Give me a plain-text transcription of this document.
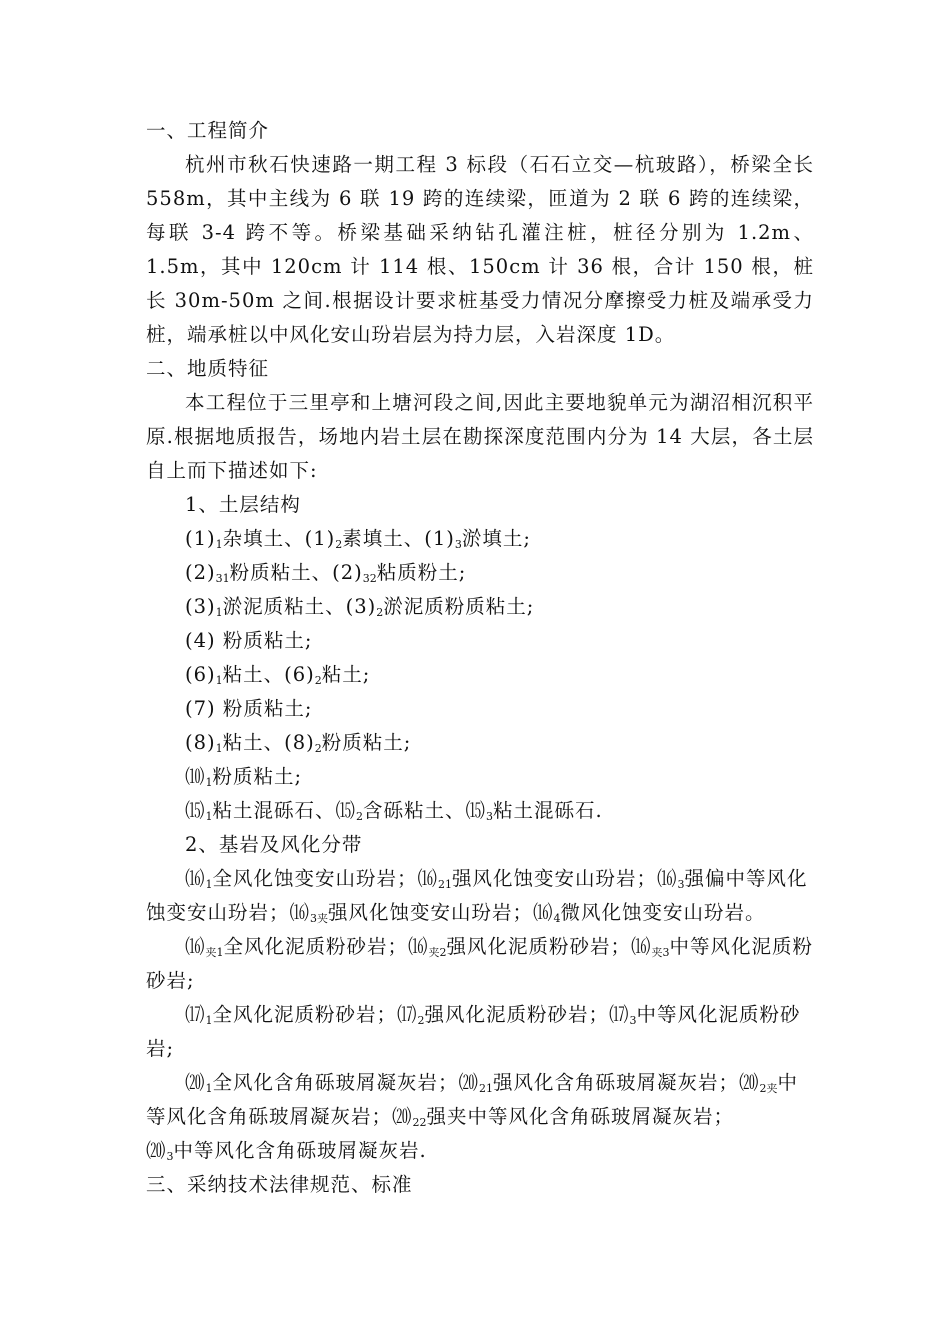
一、工程简介

杭州市秋石快速路一期工程 3 标段（石石立交—杭玻路），桥梁全长 558m，其中主线为 6 联 19 跨的连续梁，匝道为 2 联 6 跨的连续梁，每联 3-4 跨不等。桥梁基础采纳钻孔灌注桩，桩径分别为 1.2m、1.5m，其中 120cm 计 114 根、150cm 计 36 根，合计 150 根，桩长 30m-50m 之间.根据设计要求桩基受力情况分摩擦受力桩及端承受力桩，端承桩以中风化安山玢岩层为持力层，入岩深度 1D。

二、地质特征

本工程位于三里亭和上塘河段之间,因此主要地貌单元为湖沼相沉积平原.根据地质报告，场地内岩土层在勘探深度范围内分为 14 大层，各土层自上而下描述如下:

1、土层结构

$(1)_1$杂填土、$(1)_2$素填土、$(1)_3$淤填土;

$(2)_{31}$粉质粘土、$(2)_{32}$粘质粉土;

$(3)_1$淤泥质粘土、$(3)_2$淤泥质粉质粘土;

(4) 粉质粘土;

$(6)_1$粘土、$(6)_2$粘土;

(7) 粉质粘土;

$(8)_1$粘土、$(8)_2$粉质粘土;

$⑽_1$粉质粘土;

$⒂_1$粘土混砾石、$⒂_2$含砾粘土、$⒂_3$粘土混砾石.

2、基岩及风化分带

$⒃_1$全风化蚀变安山玢岩；$⒃_{21}$强风化蚀变安山玢岩；$⒃_3$强偏中等风化蚀变安山玢岩；$⒃_{3夹}$强风化蚀变安山玢岩；$⒃_4$微风化蚀变安山玢岩。

$⒃_{夹1}$全风化泥质粉砂岩；$⒃_{夹2}$强风化泥质粉砂岩；$⒃_{夹3}$中等风化泥质粉砂岩;

$⒄_1$全风化泥质粉砂岩；$⒄_2$强风化泥质粉砂岩；$⒄_3$中等风化泥质粉砂岩;

$⒇_1$全风化含角砾玻屑凝灰岩；$⒇_{21}$强风化含角砾玻屑凝灰岩；$⒇_{2夹}$中等风化含角砾玻屑凝灰岩；$⒇_{22}$强夹中等风化含角砾玻屑凝灰岩；$⒇_3$中等风化含角砾玻屑凝灰岩.

三、采纳技术法律规范、标准
